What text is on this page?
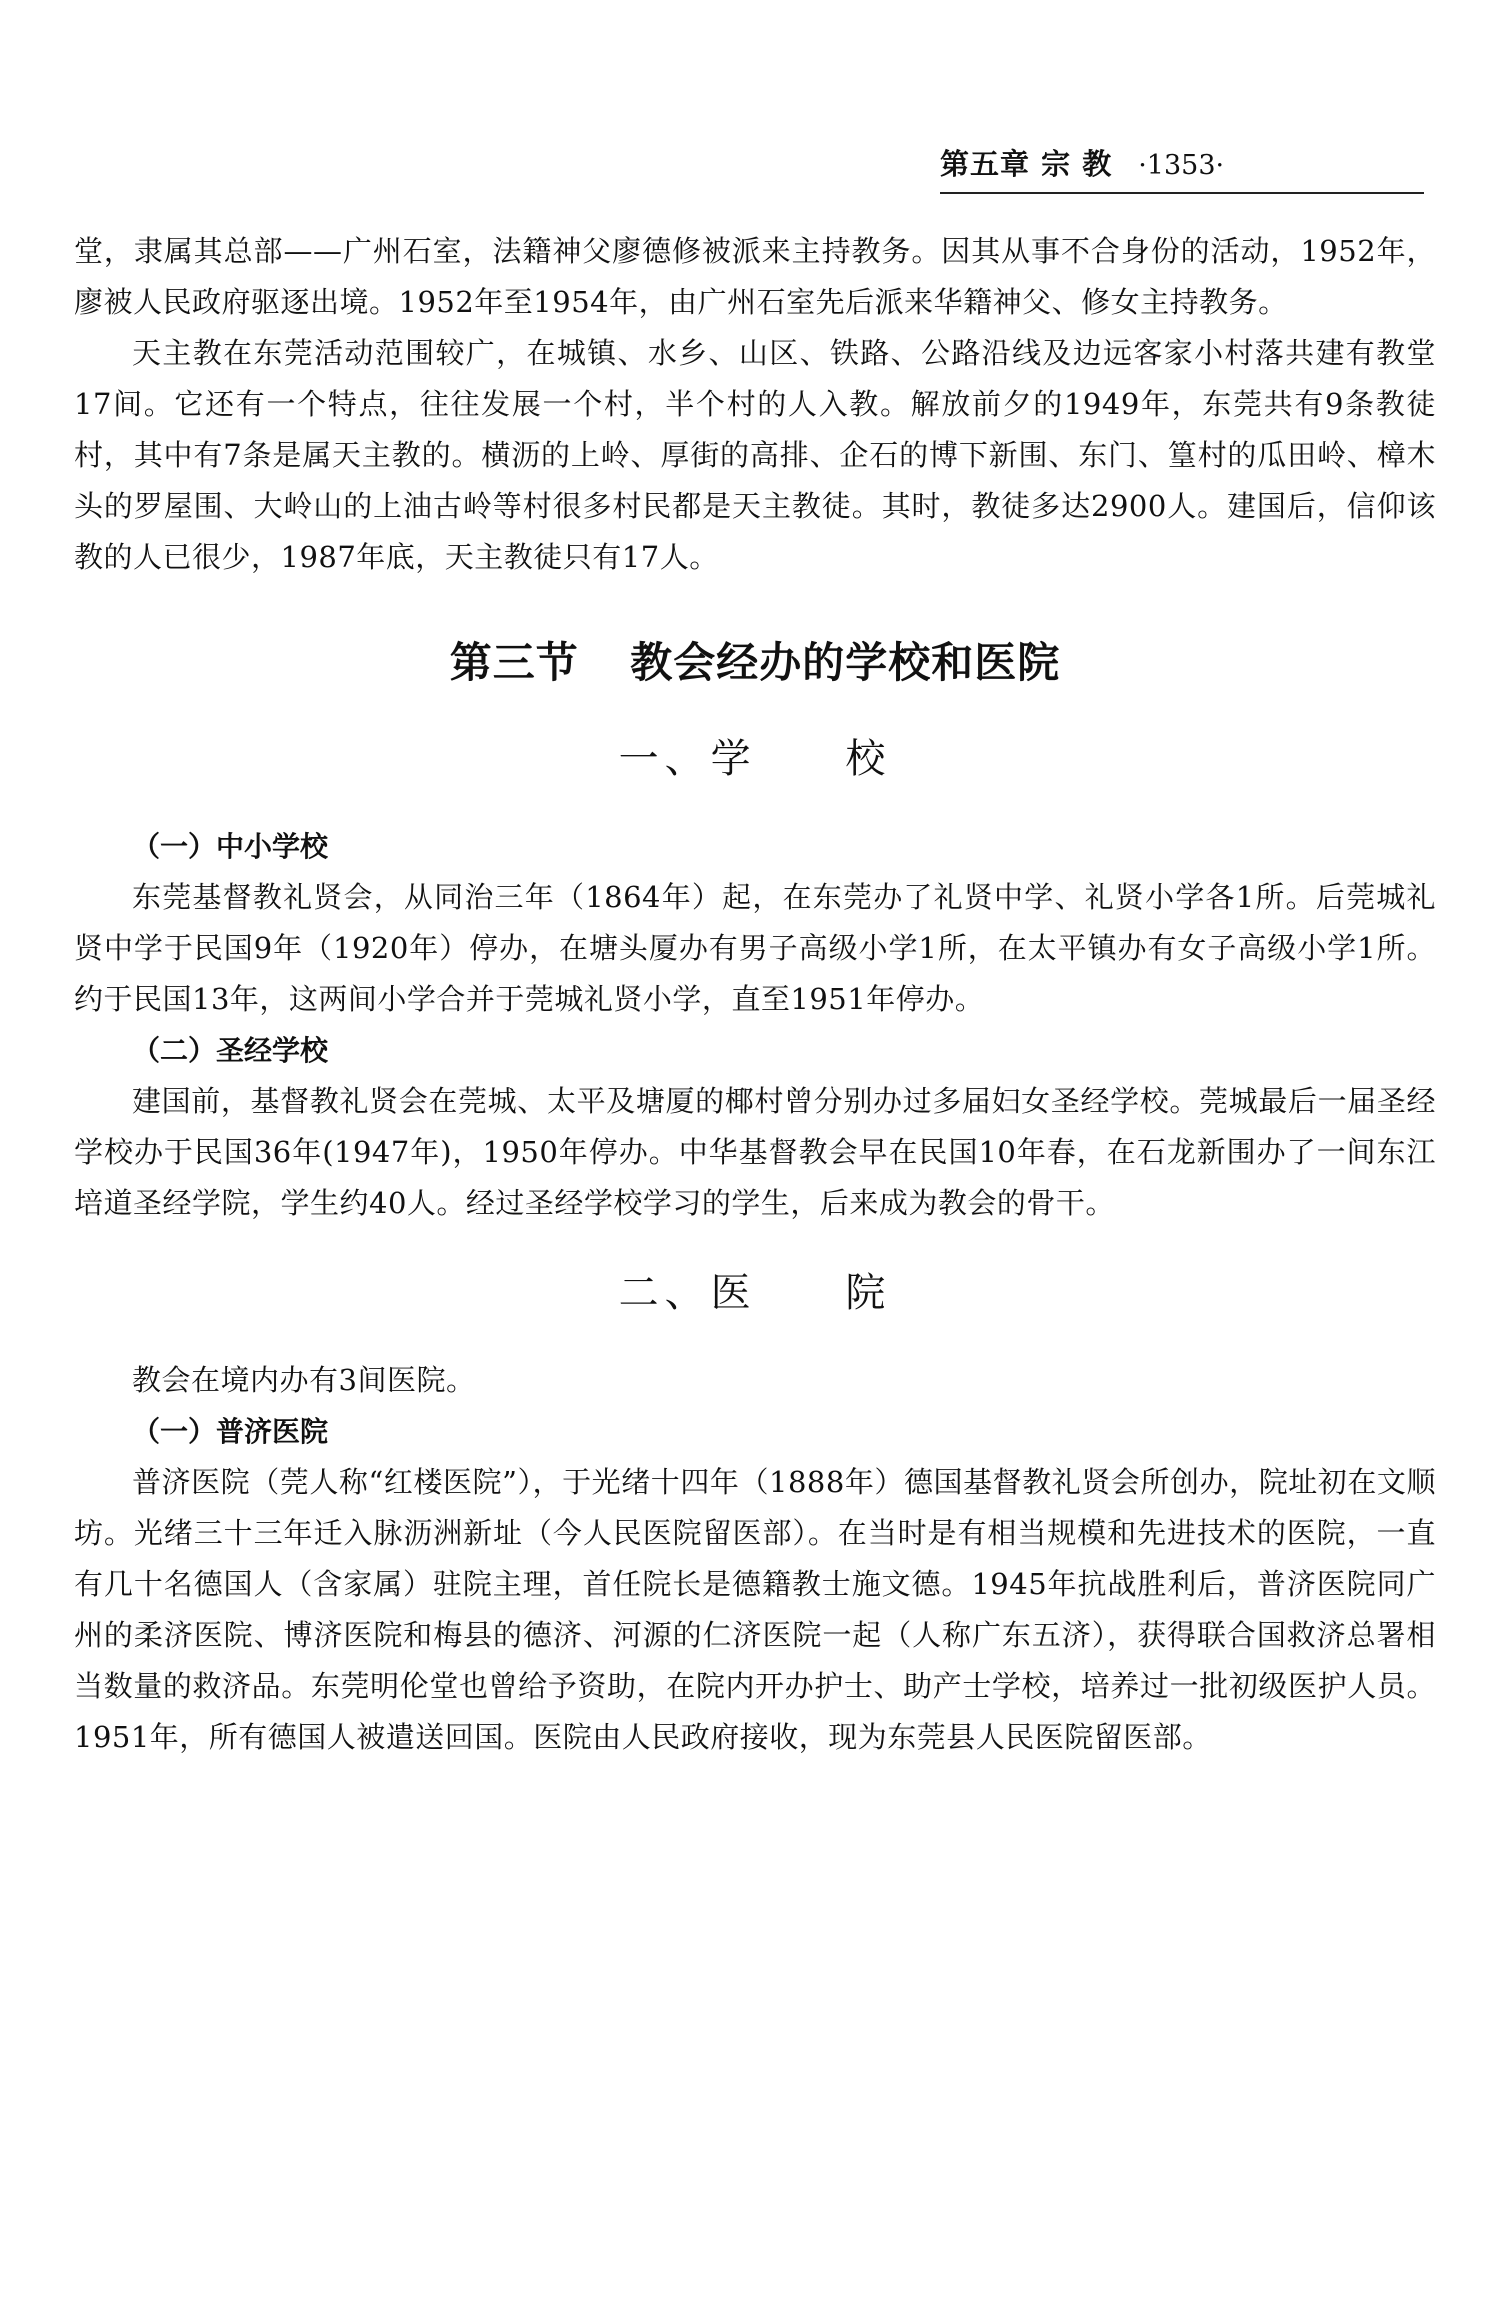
第五章 宗 教 ·1353·

堂，隶属其总部——广州石室，法籍神父廖德修被派来主持教务。因其从事不合身份的活动，1952年，廖被人民政府驱逐出境。1952年至1954年，由广州石室先后派来华籍神父、修女主持教务。

天主教在东莞活动范围较广，在城镇、水乡、山区、铁路、公路沿线及边远客家小村落共建有教堂17间。它还有一个特点，往往发展一个村，半个村的人入教。解放前夕的1949年，东莞共有9条教徒村，其中有7条是属天主教的。横沥的上岭、厚街的高排、企石的博下新围、东门、篁村的瓜田岭、樟木头的罗屋围、大岭山的上油古岭等村很多村民都是天主教徒。其时，教徒多达2900人。建国后，信仰该教的人已很少，1987年底，天主教徒只有17人。

第三节 教会经办的学校和医院
一、学 校
（一）中小学校

东莞基督教礼贤会，从同治三年（1864年）起，在东莞办了礼贤中学、礼贤小学各1所。后莞城礼贤中学于民国9年（1920年）停办，在塘头厦办有男子高级小学1所，在太平镇办有女子高级小学1所。约于民国13年，这两间小学合并于莞城礼贤小学，直至1951年停办。

（二）圣经学校

建国前，基督教礼贤会在莞城、太平及塘厦的椰村曾分别办过多届妇女圣经学校。莞城最后一届圣经学校办于民国36年(1947年)，1950年停办。中华基督教会早在民国10年春，在石龙新围办了一间东江培道圣经学院，学生约40人。经过圣经学校学习的学生，后来成为教会的骨干。

二、医 院

教会在境内办有3间医院。

（一）普济医院

普济医院（莞人称“红楼医院”），于光绪十四年（1888年）德国基督教礼贤会所创办，院址初在文顺坊。光绪三十三年迁入脉沥洲新址（今人民医院留医部）。在当时是有相当规模和先进技术的医院，一直有几十名德国人（含家属）驻院主理，首任院长是德籍教士施文德。1945年抗战胜利后，普济医院同广州的柔济医院、博济医院和梅县的德济、河源的仁济医院一起（人称广东五济），获得联合国救济总署相当数量的救济品。东莞明伦堂也曾给予资助，在院内开办护士、助产士学校，培养过一批初级医护人员。1951年，所有德国人被遣送回国。医院由人民政府接收，现为东莞县人民医院留医部。
